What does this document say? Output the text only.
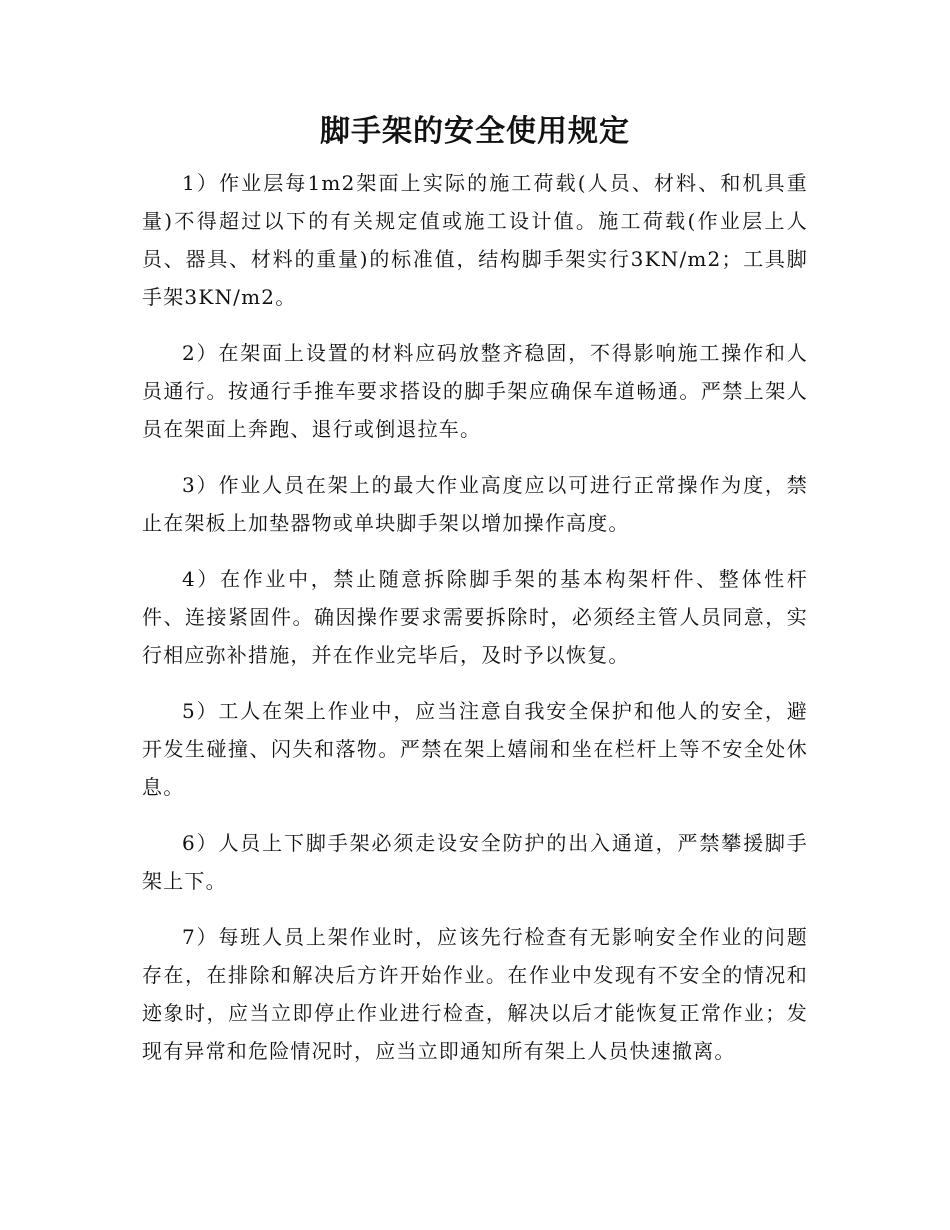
脚手架的安全使用规定

1）作业层每1m2架面上实际的施工荷载(人员、材料、和机具重量)不得超过以下的有关规定值或施工设计值。施工荷载(作业层上人员、器具、材料的重量)的标准值，结构脚手架实行3KN/m2；工具脚手架3KN/m2。

2）在架面上设置的材料应码放整齐稳固，不得影响施工操作和人员通行。按通行手推车要求搭设的脚手架应确保车道畅通。严禁上架人员在架面上奔跑、退行或倒退拉车。

3）作业人员在架上的最大作业高度应以可进行正常操作为度，禁止在架板上加垫器物或单块脚手架以增加操作高度。

4）在作业中，禁止随意拆除脚手架的基本构架杆件、整体性杆件、连接紧固件。确因操作要求需要拆除时，必须经主管人员同意，实行相应弥补措施，并在作业完毕后，及时予以恢复。

5）工人在架上作业中，应当注意自我安全保护和他人的安全，避开发生碰撞、闪失和落物。严禁在架上嬉闹和坐在栏杆上等不安全处休息。

6）人员上下脚手架必须走设安全防护的出入通道，严禁攀援脚手架上下。

7）每班人员上架作业时，应该先行检查有无影响安全作业的问题存在，在排除和解决后方许开始作业。在作业中发现有不安全的情况和迹象时，应当立即停止作业进行检查，解决以后才能恢复正常作业；发现有异常和危险情况时，应当立即通知所有架上人员快速撤离。
